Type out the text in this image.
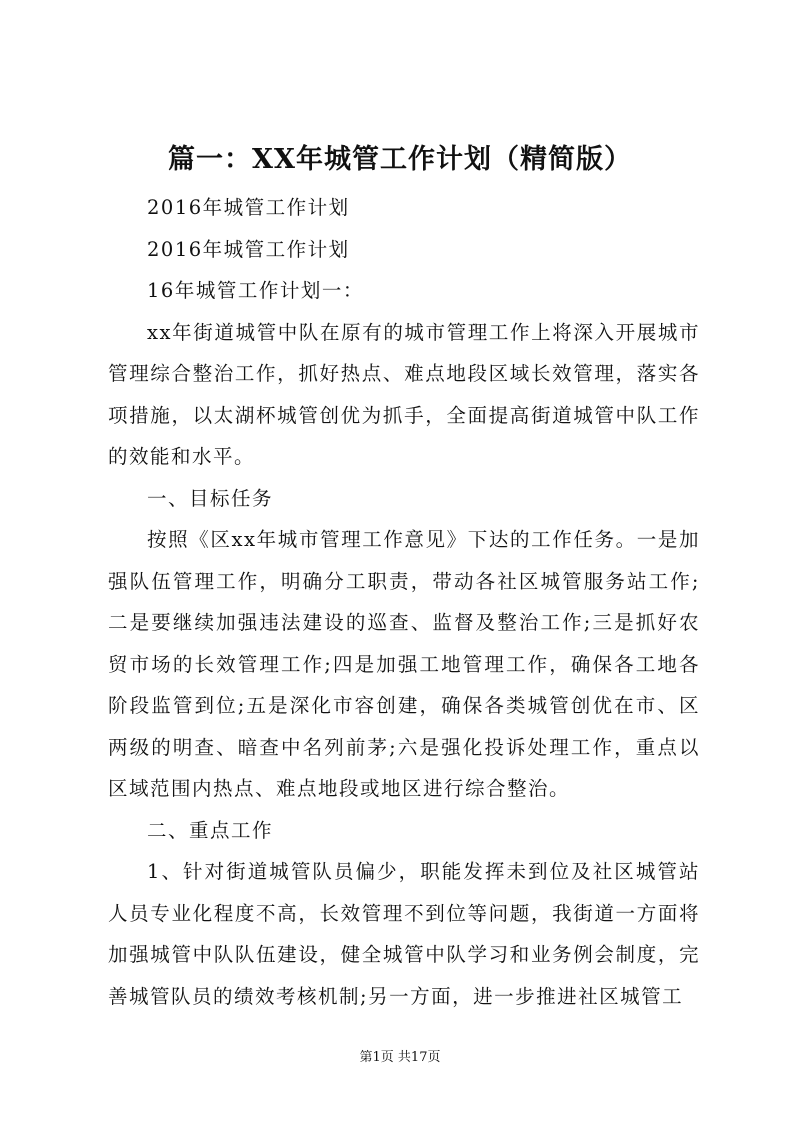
篇一：XX年城管工作计划（精简版）

2016年城管工作计划

2016年城管工作计划

16年城管工作计划一：

xx年街道城管中队在原有的城市管理工作上将深入开展城市管理综合整治工作，抓好热点、难点地段区域长效管理，落实各项措施，以太湖杯城管创优为抓手，全面提高街道城管中队工作的效能和水平。

一、目标任务

按照《区xx年城市管理工作意见》下达的工作任务。一是加强队伍管理工作，明确分工职责，带动各社区城管服务站工作;二是要继续加强违法建设的巡查、监督及整治工作;三是抓好农贸市场的长效管理工作;四是加强工地管理工作，确保各工地各阶段监管到位;五是深化市容创建，确保各类城管创优在市、区两级的明查、暗查中名列前茅;六是强化投诉处理工作，重点以区域范围内热点、难点地段或地区进行综合整治。

二、重点工作

1、针对街道城管队员偏少，职能发挥未到位及社区城管站人员专业化程度不高，长效管理不到位等问题，我街道一方面将加强城管中队队伍建设，健全城管中队学习和业务例会制度，完善城管队员的绩效考核机制;另一方面，进一步推进社区城管工

第1页 共17页
